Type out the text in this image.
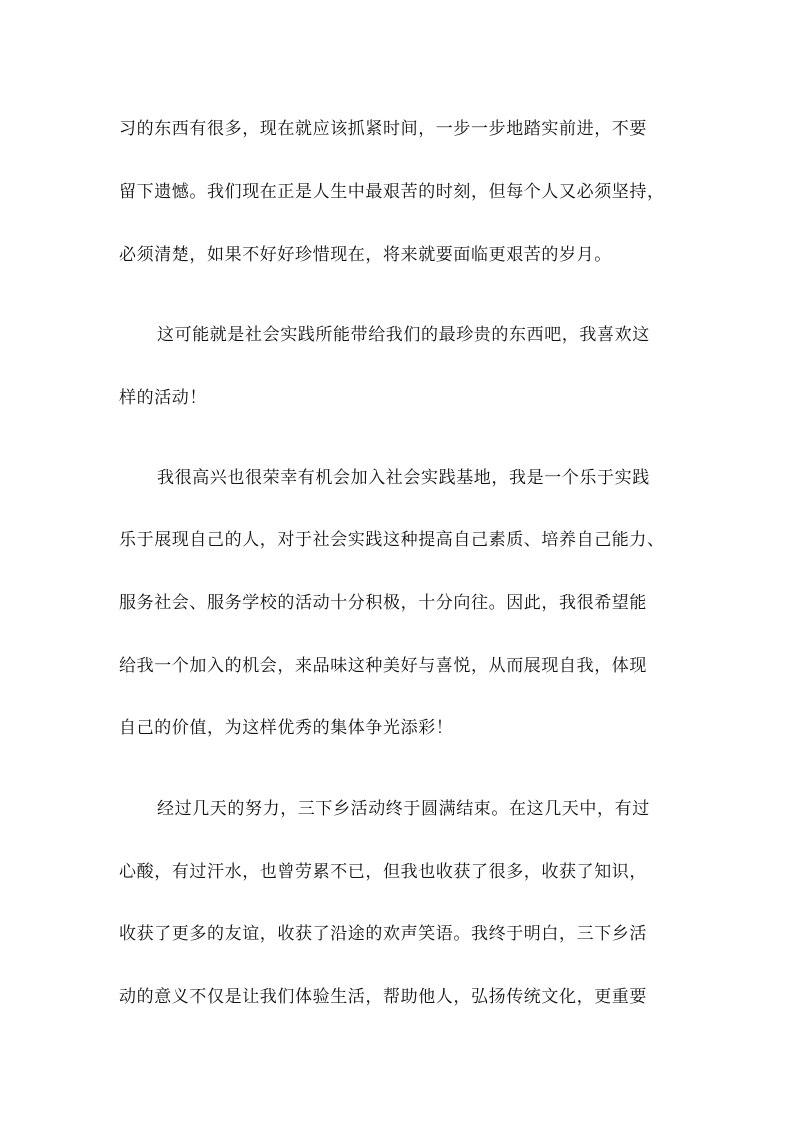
习的东西有很多，现在就应该抓紧时间，一步一步地踏实前进，不要
留下遗憾。我们现在正是人生中最艰苦的时刻，但每个人又必须坚持，
必须清楚，如果不好好珍惜现在，将来就要面临更艰苦的岁月。
这可能就是社会实践所能带给我们的最珍贵的东西吧，我喜欢这
样的活动！
我很高兴也很荣幸有机会加入社会实践基地，我是一个乐于实践
乐于展现自己的人，对于社会实践这种提高自己素质、培养自己能力、
服务社会、服务学校的活动十分积极，十分向往。因此，我很希望能
给我一个加入的机会，来品味这种美好与喜悦，从而展现自我，体现
自己的价值，为这样优秀的集体争光添彩！
经过几天的努力，三下乡活动终于圆满结束。在这几天中，有过
心酸，有过汗水，也曾劳累不已，但我也收获了很多，收获了知识，
收获了更多的友谊，收获了沿途的欢声笑语。我终于明白，三下乡活
动的意义不仅是让我们体验生活，帮助他人，弘扬传统文化，更重要
